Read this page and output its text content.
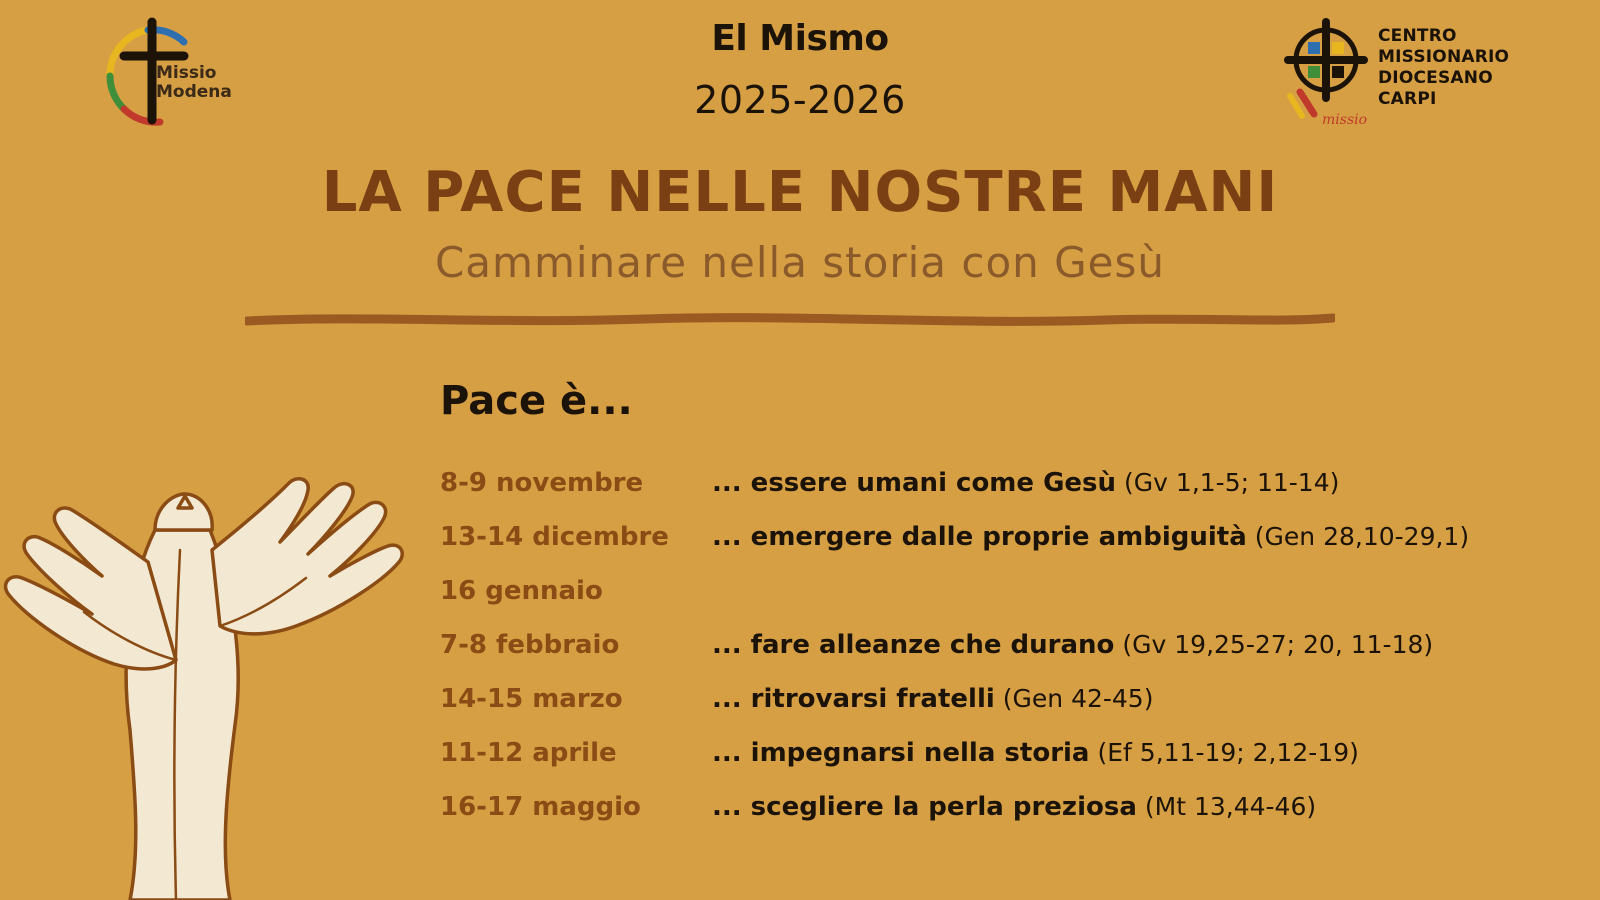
Missio
Modena
El Mismo
2025-2026
CENTRO
MISSIONARIO
DIOCESANO
CARPI
missio
LA PACE NELLE NOSTRE MANI
Camminare nella storia con Gesù
Pace è...
8-9 novembre	... essere umani come Gesù (Gv 1,1-5; 11-14)
13-14 dicembre	... emergere dalle proprie ambiguità (Gen 28,10-29,1)
16 gennaio
7-8 febbraio	... fare alleanze che durano (Gv 19,25-27; 20, 11-18)
14-15 marzo	... ritrovarsi fratelli (Gen 42-45)
11-12 aprile	... impegnarsi nella storia (Ef 5,11-19; 2,12-19)
16-17 maggio	... scegliere la perla preziosa (Mt 13,44-46)
